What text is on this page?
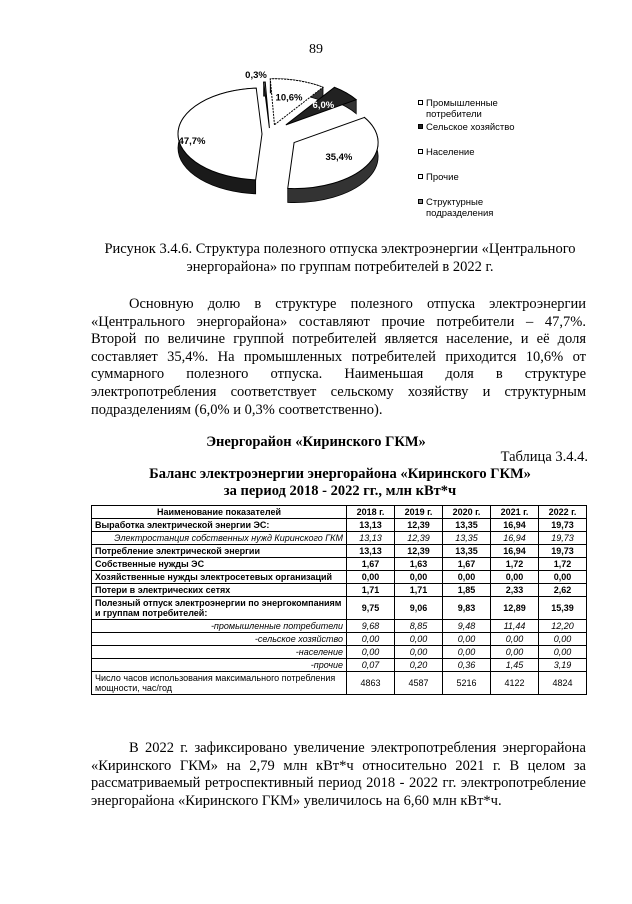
89
10,6%
6,0%
35,4%
47,7%
0,3%
Промышленные потребители
Сельское хозяйство
Население
Прочие
Структурные подразделения
Рисунок 3.4.6. Структура полезного отпуска электроэнергии «Центрального энергорайона» по группам потребителей в 2022 г.

Основную долю в структуре полезного отпуска электроэнергии «Центрального энергорайона» составляют прочие потребители – 47,7%. Второй по величине группой потребителей является население, и её доля составляет 35,4%. На промышленных потребителей приходится 10,6% от суммарного полезного отпуска. Наименьшая доля в структуре электропотребления соответствует сельскому хозяйству и структурным подразделениям (6,0% и 0,3% соответственно).

Энергорайон «Киринского ГКМ»
Таблица 3.4.4.
Баланс электроэнергии энергорайона «Киринского ГКМ»
за период 2018 - 2022 гг., млн кВт*ч
Наименование показателей	2018 г.	2019 г.	2020 г.	2021 г.	2022 г.
Выработка электрической энергии ЭС:	13,13	12,39	13,35	16,94	19,73
Электростанция собственных нужд Киринского ГКМ	13,13	12,39	13,35	16,94	19,73
Потребление электрической энергии	13,13	12,39	13,35	16,94	19,73
Собственные нужды ЭС	1,67	1,63	1,67	1,72	1,72
Хозяйственные нужды электросетевых организаций	0,00	0,00	0,00	0,00	0,00
Потери в электрических сетях	1,71	1,71	1,85	2,33	2,62
Полезный отпуск электроэнергии по энергокомпаниям и группам потребителей:	9,75	9,06	9,83	12,89	15,39
-промышленные потребители	9,68	8,85	9,48	11,44	12,20
-сельское хозяйство	0,00	0,00	0,00	0,00	0,00
-население	0,00	0,00	0,00	0,00	0,00
-прочие	0,07	0,20	0,36	1,45	3,19
Число часов использования максимального потребления мощности, час/год	4863	4587	5216	4122	4824

В 2022 г. зафиксировано увеличение электропотребления энергорайона «Киринского ГКМ» на 2,79 млн кВт*ч относительно 2021 г. В целом за рассматриваемый ретроспективный период 2018 - 2022 гг. электропотребление энергорайона «Киринского ГКМ» увеличилось на 6,60 млн кВт*ч.
